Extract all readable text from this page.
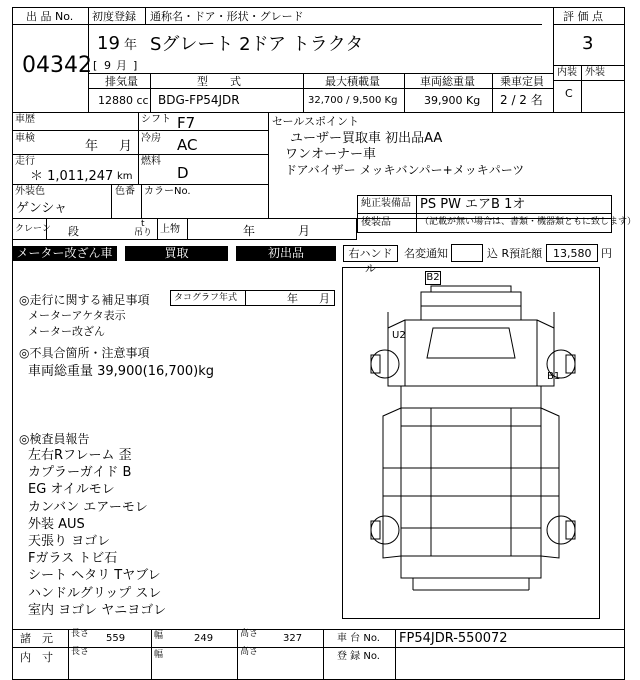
出 品 No.
04342
初度登録 通称名・ドア・形状・グレード
19 年
[ 9 月 ]
Sグレート 2ドア トラクタ
評 価 点
3
内装 外装
C
排気量	型　　式	最大積載量	車両総重量 乗車定員
12880 cc BDG-FP54JDR	32,700 / 9,500 Kg 39,900 Kg 2 / 2 名
車歴	シフト F7
車検
年 月
冷房 AC
走行
＊ 1,011,247 km
燃料
D
外装色
ゲンシャ
色番 カラーNo.
セールスポイント
ユーザー買取車 初出品AA
ワンオーナー車
ドアバイザー メッキバンパー+メッキパーツ
純正装備品 PS PW エアB 1オ
後装品	（記載が無い場合は、書類・機器類ともに致します）
クレーン 段
t
吊り 上物	年	月
メーター改ざん車	買取	初出品	右ハンドル
名変通知	込 R預託額 13,580 円
◎走行に関する補足事項	タコグラフ年式	年 月
メーターアケタ表示
メーター改ざん
◎不具合箇所・注意事項
車両総重量 39,900(16,700)kg
◎検査員報告
左右Rフレーム 歪
カプラーガイド B
EG オイルモレ
カンバン エアーモレ
外装 AUS
天張り ヨゴレ
Fガラス トビ石
シート ヘタリ Tヤブレ
ハンドルグリップ スレ
室内 ヨゴレ ヤニヨゴレ
B2
U2
B1
諸　元 長さ 559	幅	249	高さ 327	車 台 No. FP54JDR-550072
内　寸 長さ	幅	高さ	登 録 No.
